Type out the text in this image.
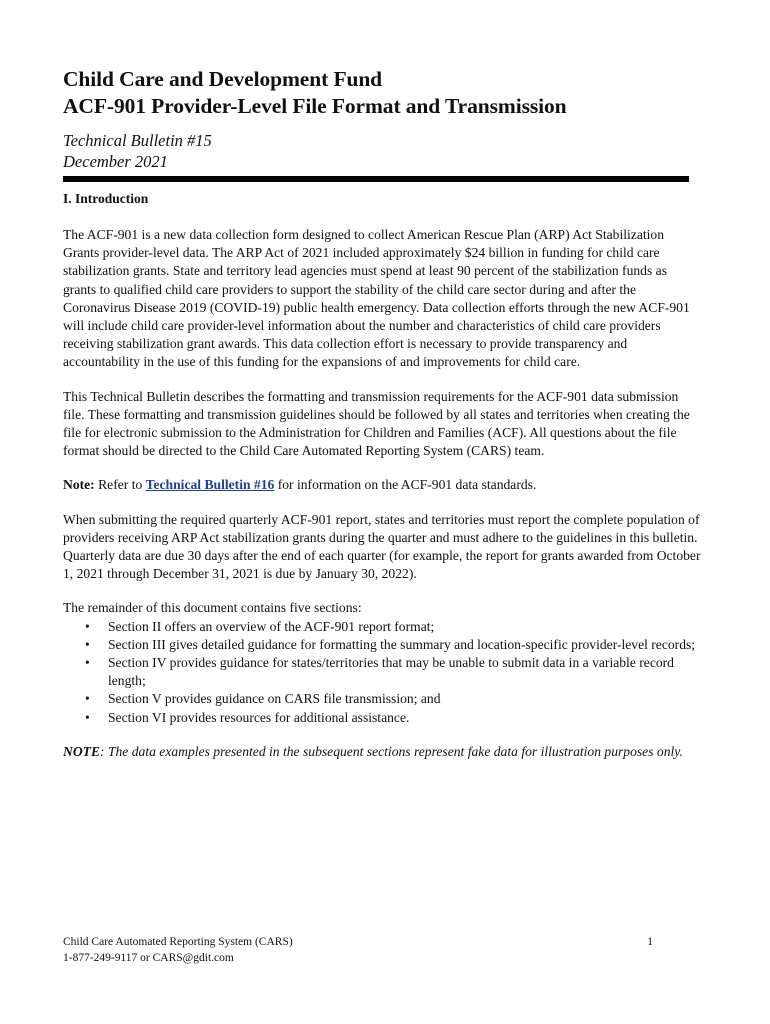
Child Care and Development Fund
ACF-901 Provider-Level File Format and Transmission
Technical Bulletin #15
December 2021
I. Introduction

The ACF-901 is a new data collection form designed to collect American Rescue Plan (ARP) Act Stabilization Grants provider-level data. The ARP Act of 2021 included approximately $24 billion in funding for child care stabilization grants. State and territory lead agencies must spend at least 90 percent of the stabilization funds as grants to qualified child care providers to support the stability of the child care sector during and after the Coronavirus Disease 2019 (COVID-19) public health emergency. Data collection efforts through the new ACF-901 will include child care provider-level information about the number and characteristics of child care providers receiving stabilization grant awards. This data collection effort is necessary to provide transparency and accountability in the use of this funding for the expansions of and improvements for child care.

This Technical Bulletin describes the formatting and transmission requirements for the ACF-901 data submission file. These formatting and transmission guidelines should be followed by all states and territories when creating the file for electronic submission to the Administration for Children and Families (ACF). All questions about the file format should be directed to the Child Care Automated Reporting System (CARS) team.

Note: Refer to Technical Bulletin #16 for information on the ACF-901 data standards.

When submitting the required quarterly ACF-901 report, states and territories must report the complete population of providers receiving ARP Act stabilization grants during the quarter and must adhere to the guidelines in this bulletin. Quarterly data are due 30 days after the end of each quarter (for example, the report for grants awarded from October 1, 2021 through December 31, 2021 is due by January 30, 2022).

The remainder of this document contains five sections:

• Section II offers an overview of the ACF-901 report format;
• Section III gives detailed guidance for formatting the summary and location-specific provider-level records;
• Section IV provides guidance for states/territories that may be unable to submit data in a variable record length;
• Section V provides guidance on CARS file transmission; and
• Section VI provides resources for additional assistance.

NOTE: The data examples presented in the subsequent sections represent fake data for illustration purposes only.

Child Care Automated Reporting System (CARS)
1-877-249-9117 or CARS@gdit.com
1
